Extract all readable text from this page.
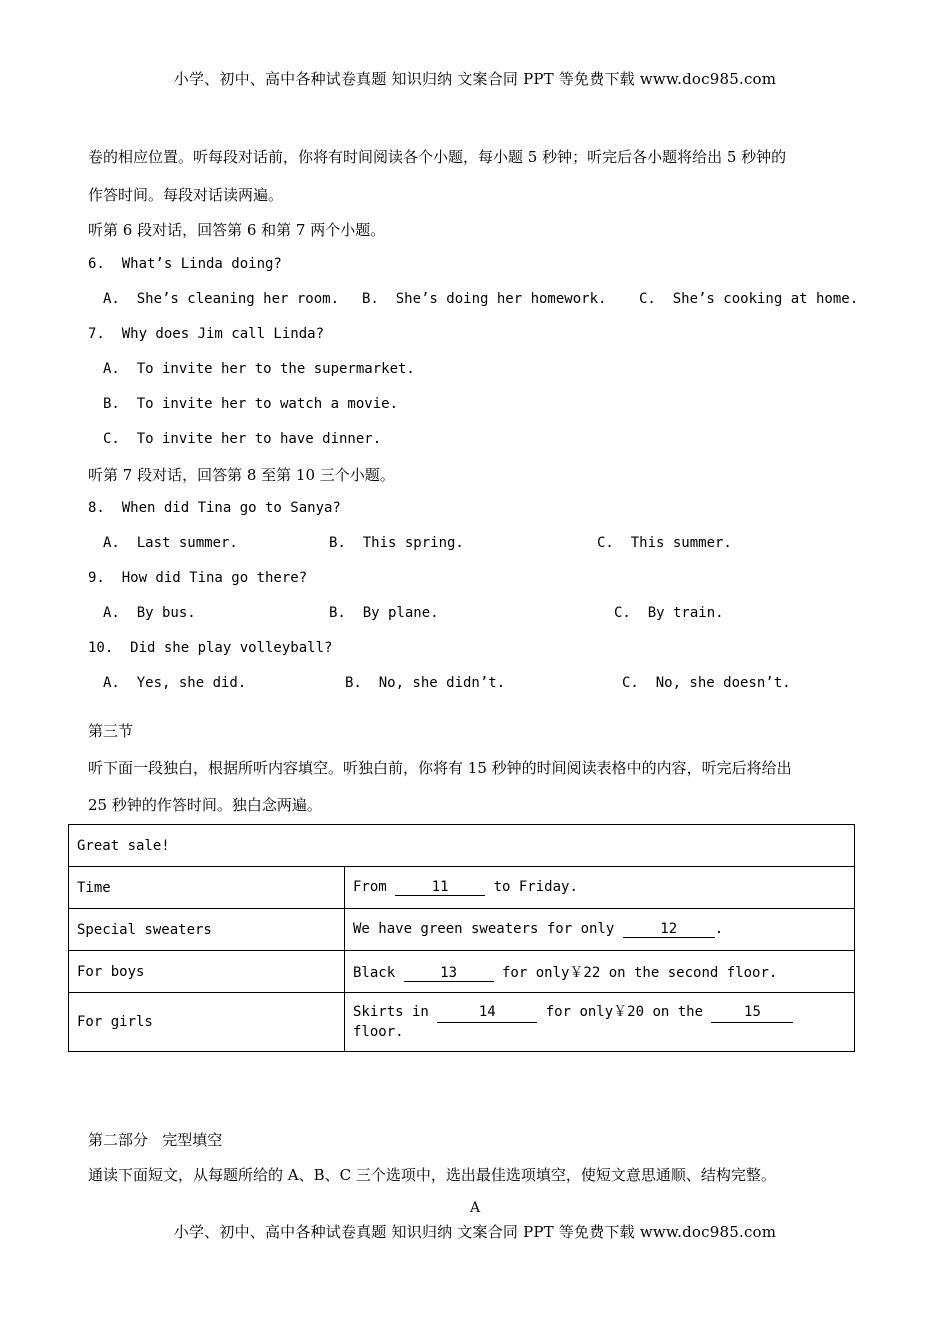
小学、初中、高中各种试卷真题 知识归纳 文案合同 PPT 等免费下载 www.doc985.com
卷的相应位置。听每段对话前，你将有时间阅读各个小题，每小题 5 秒钟；听完后各小题将给出 5 秒钟的
作答时间。每段对话读两遍。
听第 6 段对话，回答第 6 和第 7 两个小题。
6.  What’s Linda doing?
A.  She’s cleaning her room. B.  She’s doing her homework. C.  She’s cooking at home.
7.  Why does Jim call Linda?
A.  To invite her to the supermarket.
B.  To invite her to watch a movie.
C.  To invite her to have dinner.
听第 7 段对话，回答第 8 至第 10 三个小题。
8.  When did Tina go to Sanya?
A.  Last summer.	B.  This spring.	C.  This summer.
9.  How did Tina go there?
A.  By bus.	B.  By plane.	C.  By train.
10.  Did she play volleyball?
A.  Yes, she did.	B.  No, she didn’t.	C.  No, she doesn’t.
第三节
听下面一段独白，根据所听内容填空。听独白前，你将有 15 秒钟的时间阅读表格中的内容，听完后将给出
25 秒钟的作答时间。独白念两遍。
Great sale!	
Time	From 11 to Friday.
Special sweaters	We have green sweaters for only 12 .
For boys	Black 13 for only￥22 on the second floor.
For girls	Skirts in 14 for only￥20 on the 15
floor.
第二部分   完型填空
通读下面短文，从每题所给的 A、B、C 三个选项中，选出最佳选项填空，使短文意思通顺、结构完整。
A
小学、初中、高中各种试卷真题 知识归纳 文案合同 PPT 等免费下载 www.doc985.com
